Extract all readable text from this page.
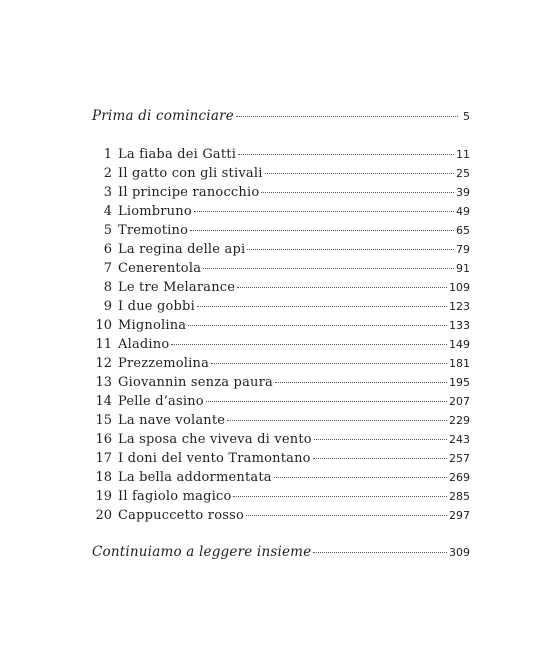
Prima di cominciare	5
1 La fiaba dei Gatti	11
2 Il gatto con gli stivali	25
3 Il principe ranocchio	39
4 Liombruno	49
5 Tremotino	65
6 La regina delle api	79
7 Cenerentola	91
8 Le tre Melarance	109
9 I due gobbi	123
10 Mignolina	133
11 Aladino	149
12 Prezzemolina	181
13 Giovannin senza paura	195
14 Pelle d’asino	207
15 La nave volante	229
16 La sposa che viveva di vento	243
17 I doni del vento Tramontano	257
18 La bella addormentata	269
19 Il fagiolo magico	285
20 Cappuccetto rosso	297
Continuiamo a leggere insieme	309
